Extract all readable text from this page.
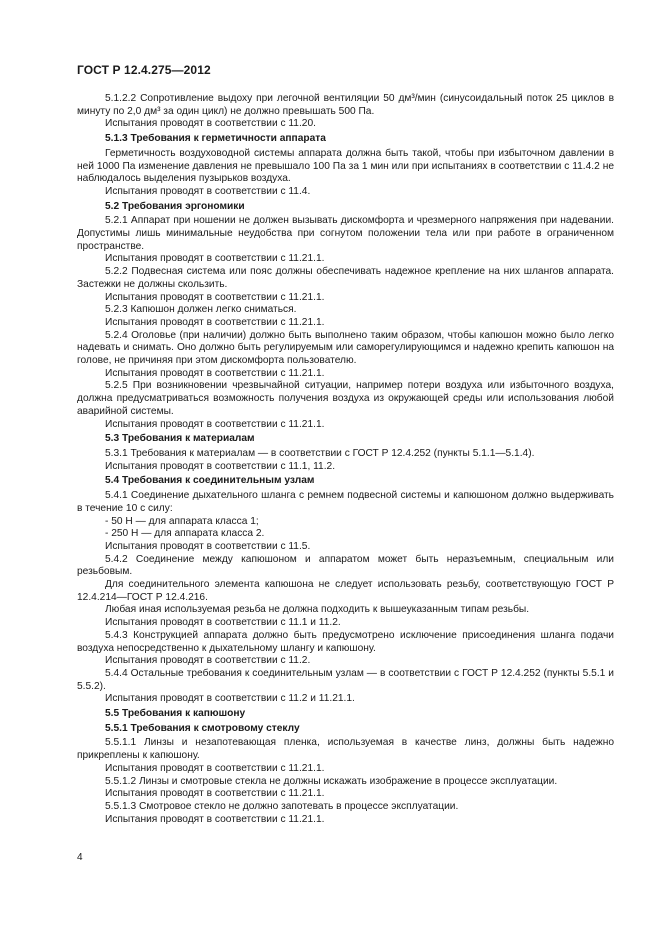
ГОСТ Р 12.4.275—2012

5.1.2.2 Сопротивление выдоху при легочной вентиляции 50 дм³/мин (синусоидальный поток 25 циклов в минуту по 2,0 дм³ за один цикл) не должно превышать 500 Па.

Испытания проводят в соответствии с 11.20.

5.1.3 Требования к герметичности аппарата

Герметичность воздуховодной системы аппарата должна быть такой, чтобы при избыточном давлении в ней 1000 Па изменение давления не превышало 100 Па за 1 мин или при испытаниях в соответствии с 11.4.2 не наблюдалось выделения пузырьков воздуха.

Испытания проводят в соответствии с 11.4.

5.2 Требования эргономики

5.2.1 Аппарат при ношении не должен вызывать дискомфорта и чрезмерного напряжения при надевании. Допустимы лишь минимальные неудобства при согнутом положении тела или при работе в ограниченном пространстве.

Испытания проводят в соответствии с 11.21.1.

5.2.2 Подвесная система или пояс должны обеспечивать надежное крепление на них шлангов аппарата. Застежки не должны скользить.

Испытания проводят в соответствии с 11.21.1.

5.2.3 Капюшон должен легко сниматься.

Испытания проводят в соответствии с 11.21.1.

5.2.4 Оголовье (при наличии) должно быть выполнено таким образом, чтобы капюшон можно было легко надевать и снимать. Оно должно быть регулируемым или саморегулирующимся и надежно крепить капюшон на голове, не причиняя при этом дискомфорта пользователю.

Испытания проводят в соответствии с 11.21.1.

5.2.5 При возникновении чрезвычайной ситуации, например потери воздуха или избыточного воздуха, должна предусматриваться возможность получения воздуха из окружающей среды или использования любой аварийной системы.

Испытания проводят в соответствии с 11.21.1.

5.3 Требования к материалам

5.3.1 Требования к материалам — в соответствии с ГОСТ Р 12.4.252 (пункты 5.1.1—5.1.4).

Испытания проводят в соответствии с 11.1, 11.2.

5.4 Требования к соединительным узлам

5.4.1 Соединение дыхательного шланга с ремнем подвесной системы и капюшоном должно выдерживать в течение 10 с силу:

- 50 Н — для аппарата класса 1;

- 250 Н — для аппарата класса 2.

Испытания проводят в соответствии с 11.5.

5.4.2 Соединение между капюшоном и аппаратом может быть неразъемным, специальным или резьбовым.

Для соединительного элемента капюшона не следует использовать резьбу, соответствующую ГОСТ Р 12.4.214—ГОСТ Р 12.4.216.

Любая иная используемая резьба не должна подходить к вышеуказанным типам резьбы.

Испытания проводят в соответствии с 11.1 и 11.2.

5.4.3 Конструкцией аппарата должно быть предусмотрено исключение присоединения шланга подачи воздуха непосредственно к дыхательному шлангу и капюшону.

Испытания проводят в соответствии с 11.2.

5.4.4 Остальные требования к соединительным узлам — в соответствии с ГОСТ Р 12.4.252 (пункты 5.5.1 и 5.5.2).

Испытания проводят в соответствии с 11.2 и 11.21.1.

5.5 Требования к капюшону

5.5.1 Требования к смотровому стеклу

5.5.1.1 Линзы и незапотевающая пленка, используемая в качестве линз, должны быть надежно прикреплены к капюшону.

Испытания проводят в соответствии с 11.21.1.

5.5.1.2 Линзы и смотровые стекла не должны искажать изображение в процессе эксплуатации.

Испытания проводят в соответствии с 11.21.1.

5.5.1.3 Смотровое стекло не должно запотевать в процессе эксплуатации.

Испытания проводят в соответствии с 11.21.1.

4
